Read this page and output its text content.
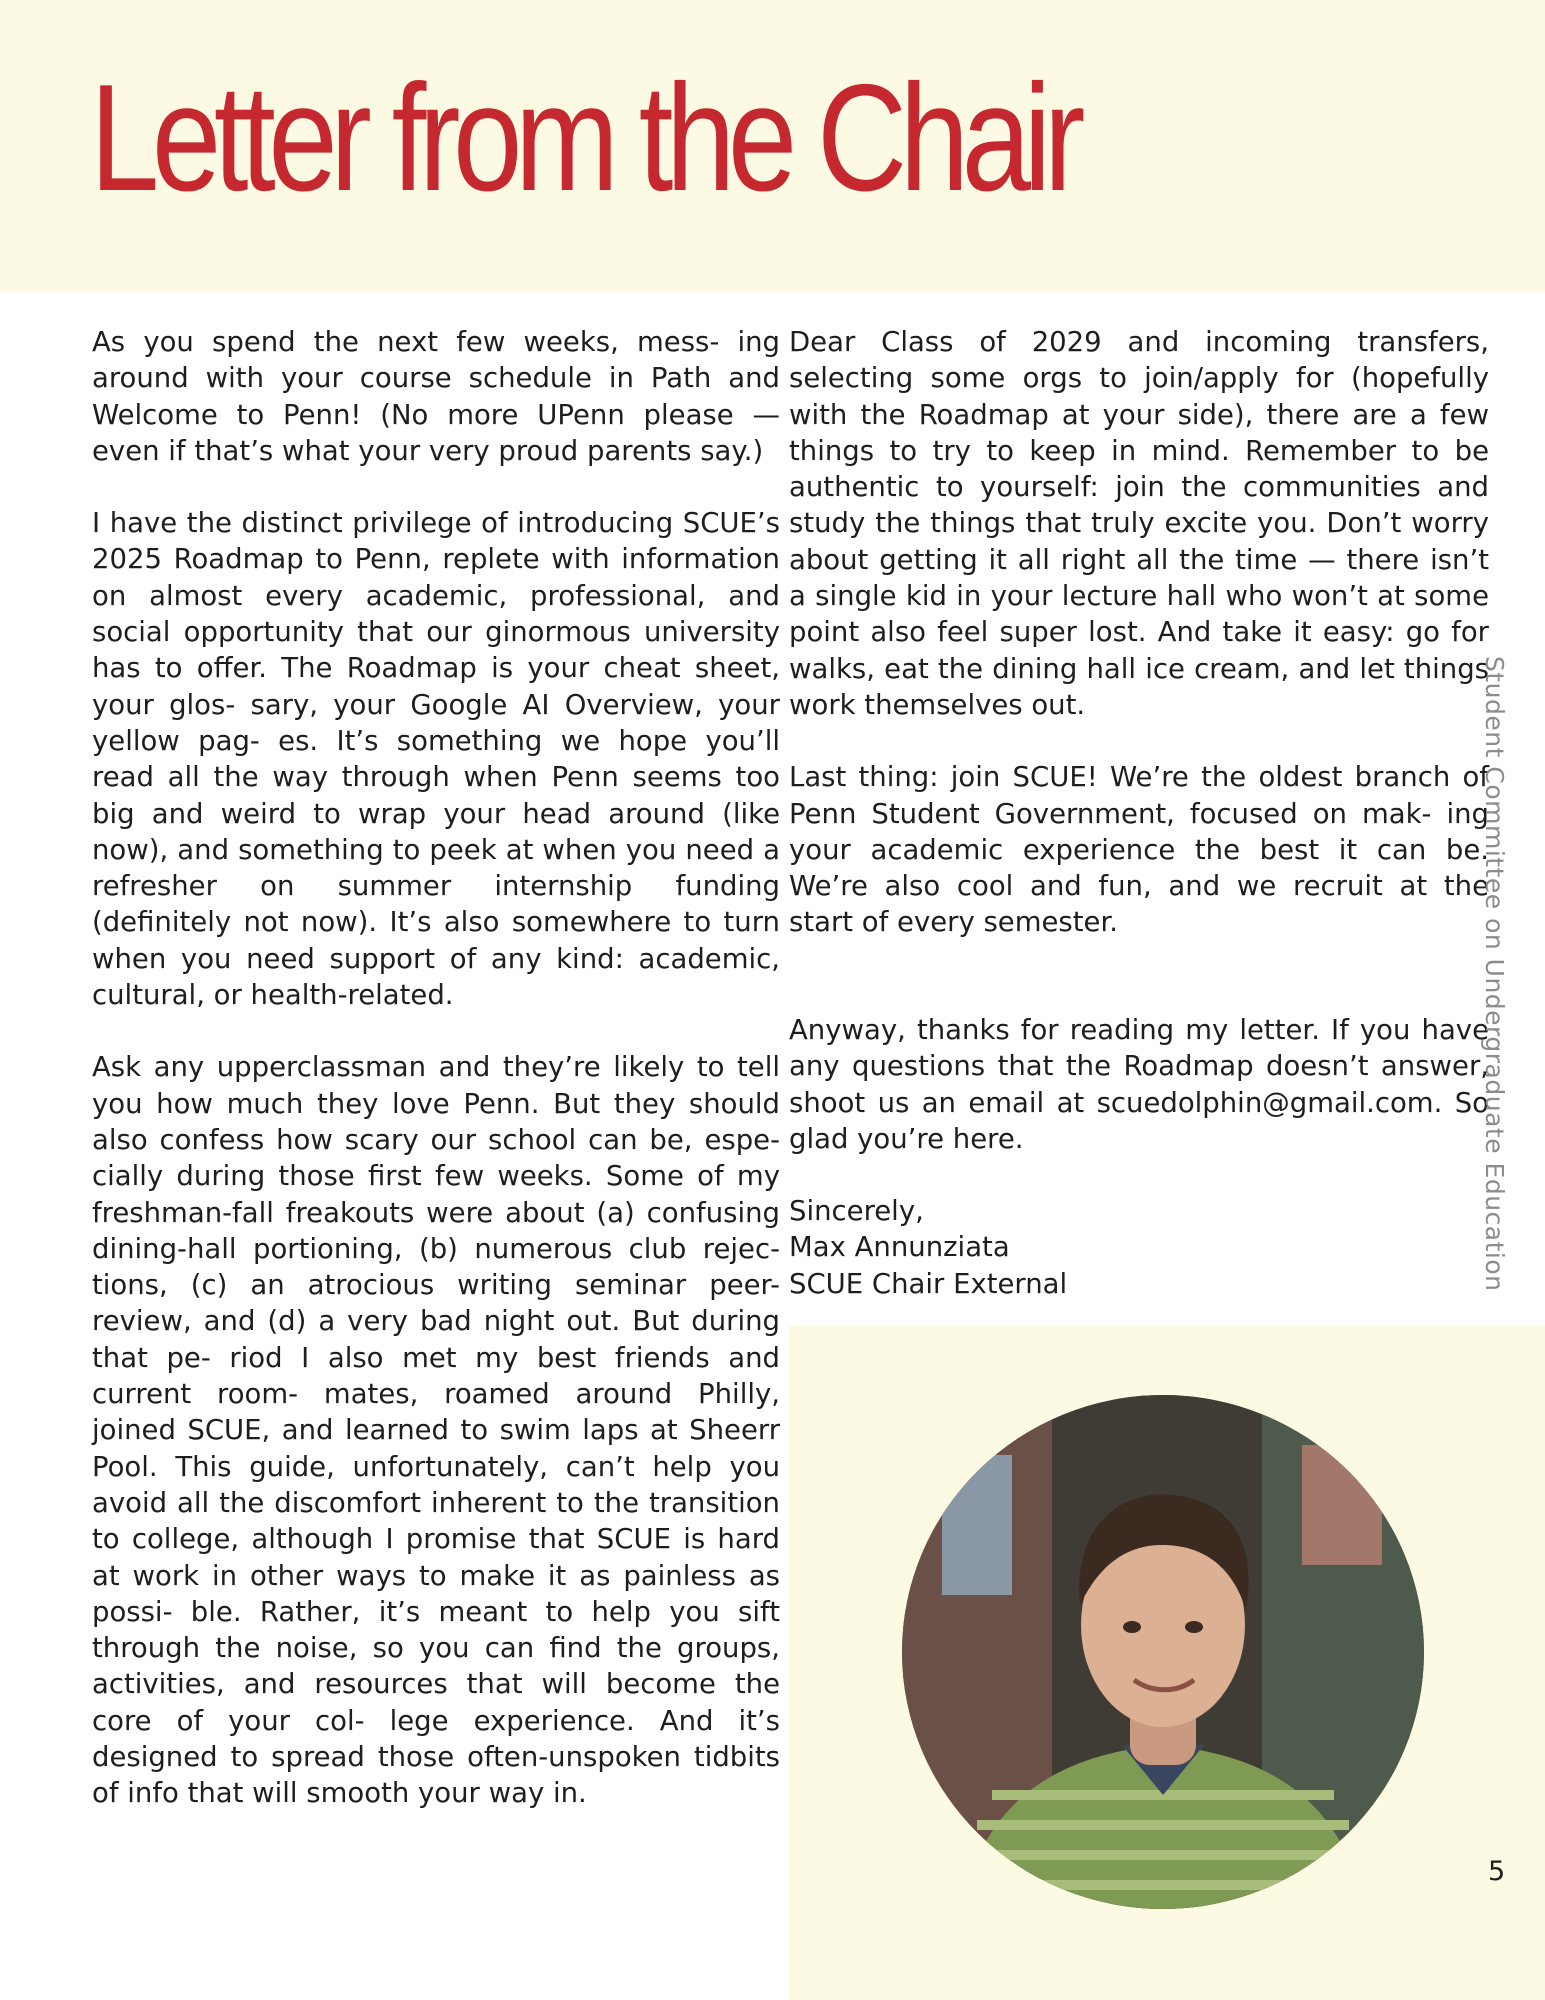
Letter from the Chair

As you spend the next few weeks, mess- ing around with your course schedule in Path and Welcome to Penn! (No more UPenn please — even if that’s what your very proud parents say.)

I have the distinct privilege of introducing SCUE’s 2025 Roadmap to Penn, replete with information on almost every academic, professional, and social opportunity that our ginormous university has to offer. The Roadmap is your cheat sheet, your glos- sary, your Google AI Overview, your yellow pag- es. It’s something we hope you’ll read all the way through when Penn seems too big and weird to wrap your head around (like now), and something to peek at when you need a refresher on summer internship funding (definitely not now). It’s also somewhere to turn when you need support of any kind: academic, cultural, or health-related.

Ask any upperclassman and they’re likely to tell you how much they love Penn. But they should also confess how scary our school can be, espe- cially during those first few weeks. Some of my freshman-fall freakouts were about (a) confusing dining-hall portioning, (b) numerous club rejec- tions, (c) an atrocious writing seminar peer-review, and (d) a very bad night out. But during that pe- riod I also met my best friends and current room- mates, roamed around Philly, joined SCUE, and learned to swim laps at Sheerr Pool. This guide, unfortunately, can’t help you avoid all the discomfort inherent to the transition to college, although I promise that SCUE is hard at work in other ways to make it as painless as possi- ble. Rather, it’s meant to help you sift through the noise, so you can find the groups, activities, and resources that will become the core of your col- lege experience. And it’s designed to spread those often-unspoken tidbits of info that will smooth your way in.

Dear Class of 2029 and incoming transfers, selecting some orgs to join/apply for (hopefully with the Roadmap at your side), there are a few things to try to keep in mind. Remember to be authentic to yourself: join the communities and study the things that truly excite you. Don’t worry about getting it all right all the time — there isn’t a single kid in your lecture hall who won’t at some point also feel super lost. And take it easy: go for walks, eat the dining hall ice cream, and let things work themselves out.

Last thing: join SCUE! We’re the oldest branch of Penn Student Government, focused on mak- ing your academic experience the best it can be. We’re also cool and fun, and we recruit at the start of every semester.

Anyway, thanks for reading my letter. If you have any questions that the Roadmap doesn’t answer, shoot us an email at scuedolphin@gmail.com. So glad you’re here.

Sincerely,

Max Annunziata

SCUE Chair External	Student Committee on Undergraduate Education
5
